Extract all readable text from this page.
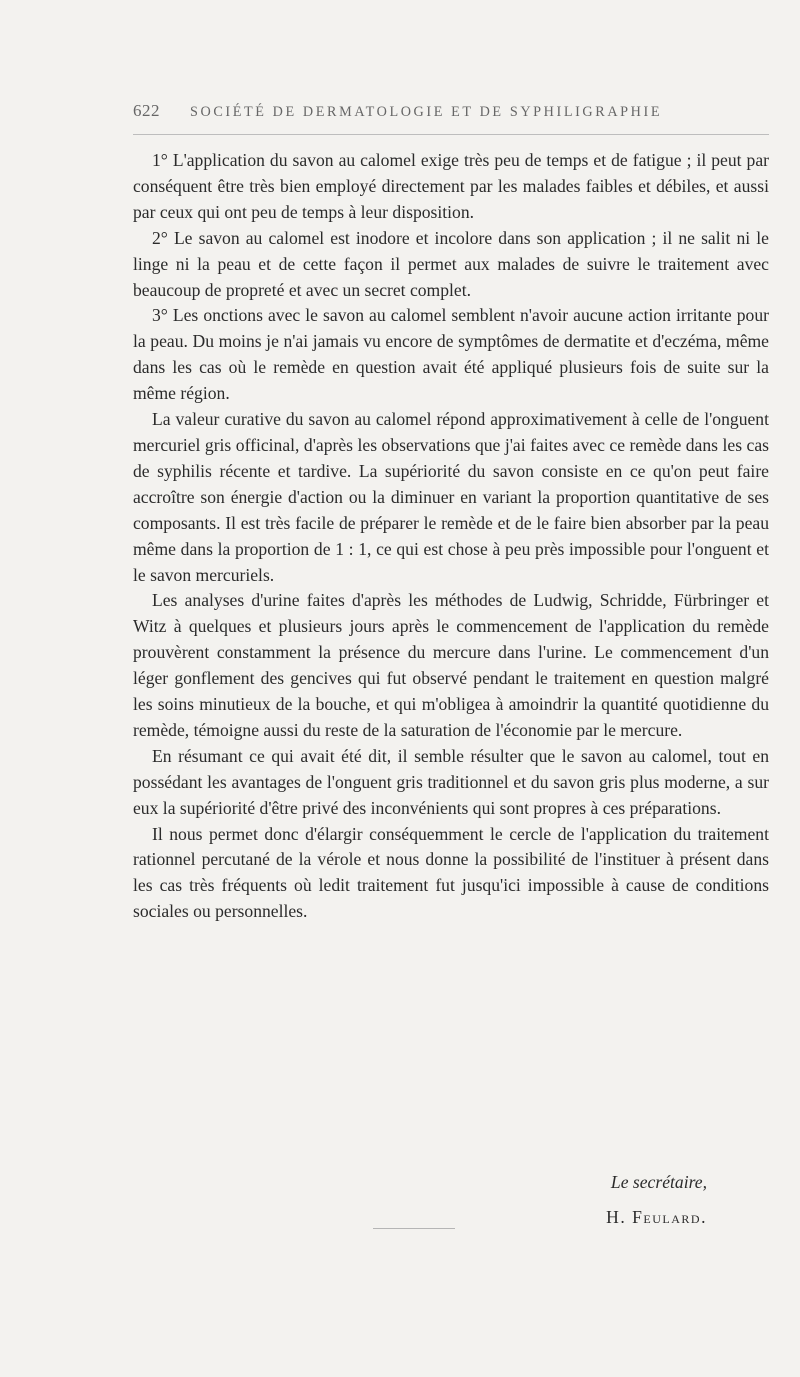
622 SOCIÉTÉ DE DERMATOLOGIE ET DE SYPHILIGRAPHIE

1° L'application du savon au calomel exige très peu de temps et de fatigue ; il peut par conséquent être très bien employé directement par les malades faibles et débiles, et aussi par ceux qui ont peu de temps à leur disposition.

2° Le savon au calomel est inodore et incolore dans son application ; il ne salit ni le linge ni la peau et de cette façon il permet aux malades de suivre le traitement avec beaucoup de propreté et avec un secret complet.

3° Les onctions avec le savon au calomel semblent n'avoir aucune action irritante pour la peau. Du moins je n'ai jamais vu encore de symptômes de dermatite et d'eczéma, même dans les cas où le remède en question avait été appliqué plusieurs fois de suite sur la même région.

La valeur curative du savon au calomel répond approximativement à celle de l'onguent mercuriel gris officinal, d'après les observations que j'ai faites avec ce remède dans les cas de syphilis récente et tardive. La supériorité du savon consiste en ce qu'on peut faire accroître son énergie d'action ou la diminuer en variant la proportion quantitative de ses composants. Il est très facile de préparer le remède et de le faire bien absorber par la peau même dans la proportion de 1 : 1, ce qui est chose à peu près impossible pour l'onguent et le savon mercuriels.

Les analyses d'urine faites d'après les méthodes de Ludwig, Schridde, Fürbringer et Witz à quelques et plusieurs jours après le commencement de l'application du remède prouvèrent constamment la présence du mercure dans l'urine. Le commencement d'un léger gonflement des gencives qui fut observé pendant le traitement en question malgré les soins minutieux de la bouche, et qui m'obligea à amoindrir la quantité quotidienne du remède, témoigne aussi du reste de la saturation de l'économie par le mercure.

En résumant ce qui avait été dit, il semble résulter que le savon au calomel, tout en possédant les avantages de l'onguent gris traditionnel et du savon gris plus moderne, a sur eux la supériorité d'être privé des inconvénients qui sont propres à ces préparations.

Il nous permet donc d'élargir conséquemment le cercle de l'application du traitement rationnel percutané de la vérole et nous donne la possibilité de l'instituer à présent dans les cas très fréquents où ledit traitement fut jusqu'ici impossible à cause de conditions sociales ou personnelles.

Le secrétaire,
H. Feulard.
